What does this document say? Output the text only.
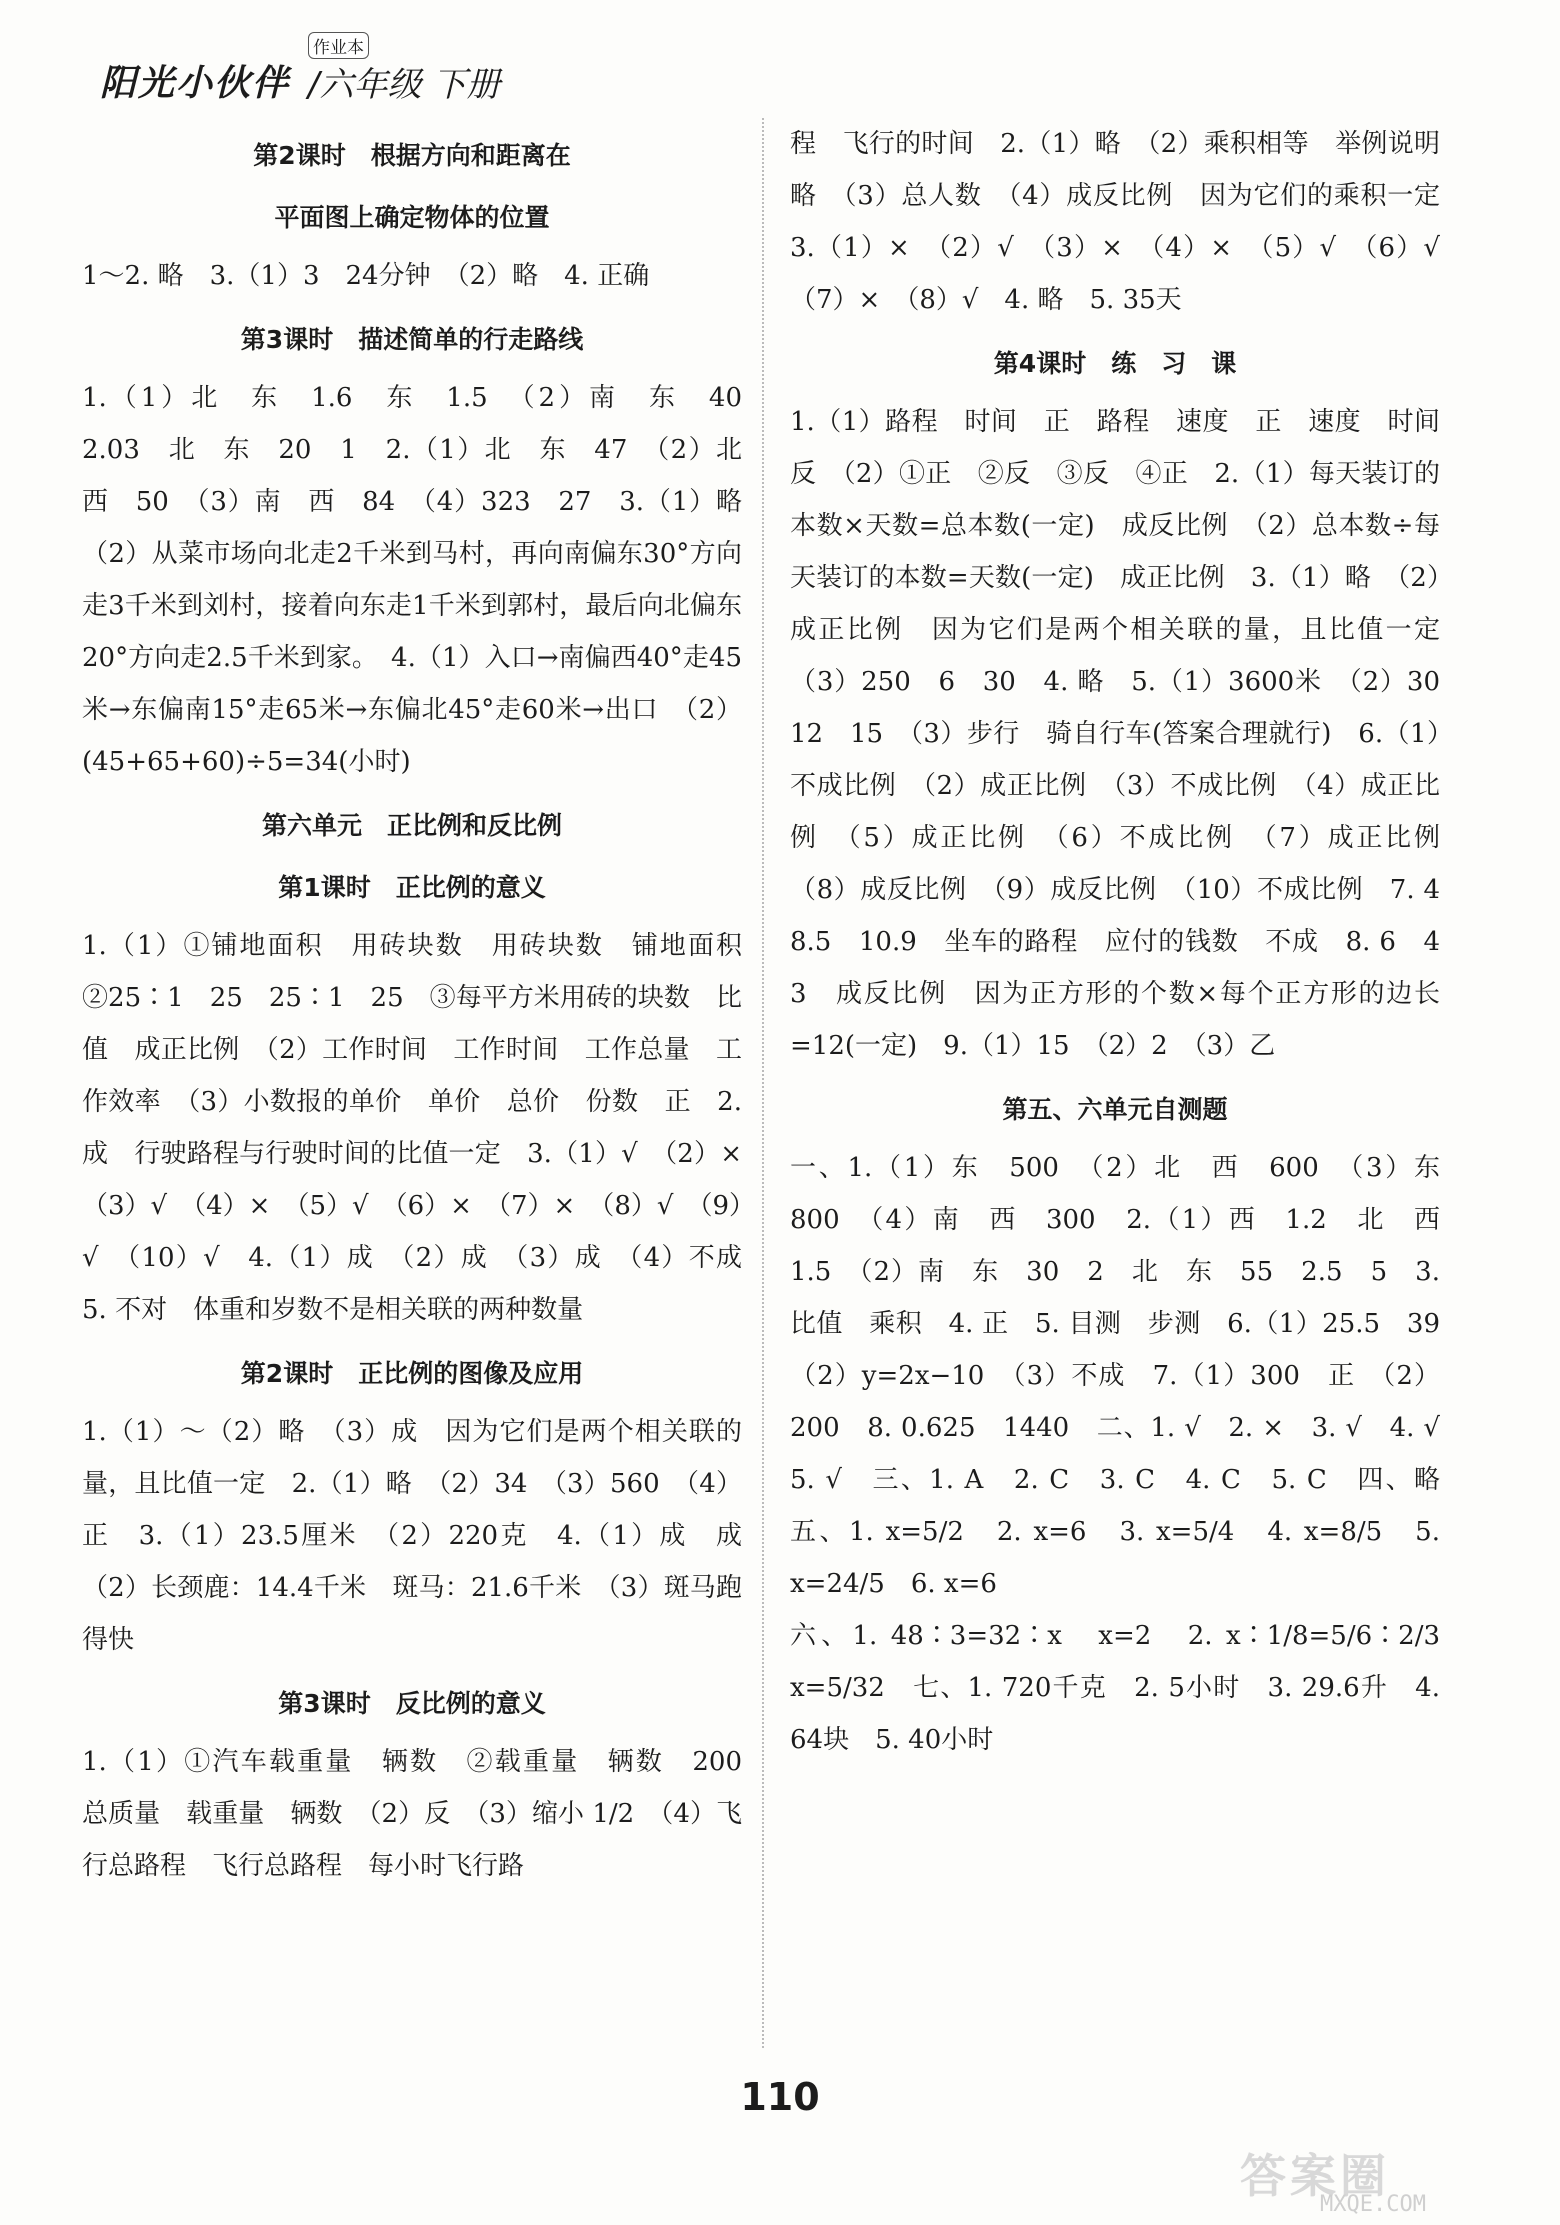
阳光小伙伴
作业本
/六年级 下册

第2课时　根据方向和距离在

平面图上确定物体的位置

1～2. 略　3.（1）3　24分钟　（2）略　4. 正确

第3课时　描述简单的行走路线

1.（1）北　东　1.6　东　1.5　（2）南　东　40　2.03　北　东　20　1　2.（1）北　东　47　（2）北　西　50　（3）南　西　84　（4）323　27　3.（1）略　（2）从菜市场向北走2千米到马村，再向南偏东30°方向走3千米到刘村，接着向东走1千米到郭村，最后向北偏东20°方向走2.5千米到家。　4.（1）入口→南偏西40°走45米→东偏南15°走65米→东偏北45°走60米→出口　（2）(45+65+60)÷5=34(小时)

第六单元　正比例和反比例

第1课时　正比例的意义

1.（1）①铺地面积　用砖块数　用砖块数　铺地面积　②25∶1　25　25∶1　25　③每平方米用砖的块数　比值　成正比例　（2）工作时间　工作时间　工作总量　工作效率　（3）小数报的单价　单价　总价　份数　正　2. 成　行驶路程与行驶时间的比值一定　3.（1）√　（2）×　（3）√　（4）×　（5）√　（6）×　（7）×　（8）√　（9）√　（10）√　4.（1）成　（2）成　（3）成　（4）不成　5. 不对　体重和岁数不是相关联的两种数量

第2课时　正比例的图像及应用

1.（1）～（2）略　（3）成　因为它们是两个相关联的量，且比值一定　2.（1）略　（2）34　（3）560　（4）正　3.（1）23.5厘米　（2）220克　4.（1）成　成　（2）长颈鹿：14.4千米　斑马：21.6千米　（3）斑马跑得快

第3课时　反比例的意义

1.（1）①汽车载重量　辆数　②载重量　辆数　200　总质量　载重量　辆数　（2）反　（3）缩小 1/2　（4）飞行总路程　飞行总路程　每小时飞行路

程　飞行的时间　2.（1）略　（2）乘积相等　举例说明略　（3）总人数　（4）成反比例　因为它们的乘积一定　3.（1）×　（2）√　（3）×　（4）×　（5）√　（6）√　（7）×　（8）√　4. 略　5. 35天

第4课时　练　习　课

1.（1）路程　时间　正　路程　速度　正　速度　时间　反　（2）①正　②反　③反　④正　2.（1）每天装订的本数×天数=总本数(一定)　成反比例　（2）总本数÷每天装订的本数=天数(一定)　成正比例　3.（1）略　（2）成正比例　因为它们是两个相关联的量，且比值一定　（3）250　6　30　4. 略　5.（1）3600米　（2）30　12　15　（3）步行　骑自行车(答案合理就行)　6.（1）不成比例　（2）成正比例　（3）不成比例　（4）成正比例　（5）成正比例　（6）不成比例　（7）成正比例　（8）成反比例　（9）成反比例　（10）不成比例　7. 4　8.5　10.9　坐车的路程　应付的钱数　不成　8. 6　4　3　成反比例　因为正方形的个数×每个正方形的边长=12(一定)　9.（1）15　（2）2　（3）乙

第五、六单元自测题

一、1.（1）东　500　（2）北　西　600　（3）东　800　（4）南　西　300　2.（1）西　1.2　北　西　1.5　（2）南　东　30　2　北　东　55　2.5　5　3. 比值　乘积　4. 正　5. 目测　步测　6.（1）25.5　39　（2）y=2x−10　（3）不成　7.（1）300　正　（2）200　8. 0.625　1440　二、1. √　2. ×　3. √　4. √　5. √　三、1. A　2. C　3. C　4. C　5. C　四、略　五、1. x=5/2　2. x=6　3. x=5/4　4. x=8/5　5. x=24/5　6. x=6

六、1. 48∶3=32∶x　x=2　2. x∶1/8=5/6∶2/3　x=5/32　七、1. 720千克　2. 5小时　3. 29.6升　4. 64块　5. 40小时

110
答案圈
MXQE.COM
